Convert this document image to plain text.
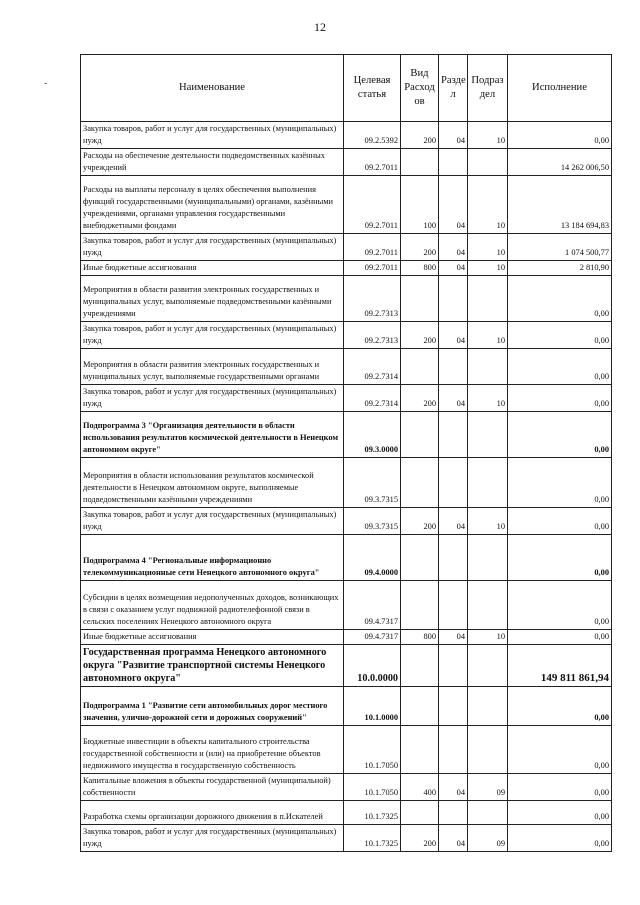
12
-	Наименование	Целевая статья	Вид Расход ов	Разде л	Подраз дел	Исполнение
Закупка товаров, работ и услуг для государственных (муниципальных) нужд	09.2.5392	200	04	10	0,00
Расходы на обеспечение деятельности подведомственных казённых учреждений	09.2.7011				14 262 006,50
Расходы на выплаты персоналу в целях обеспечения выполнения функций государственными (муниципальными) органами, казёнными учреждениями, органами управления государственными внебюджетными фондами	09.2.7011	100	04	10	13 184 694,83
Закупка товаров, работ и услуг для государственных (муниципальных) нужд	09.2.7011	200	04	10	1 074 500,77
Иные бюджетные ассигнования	09.2.7011	800	04	10	2 810,90
Мероприятия в области развития электронных государственных и муниципальных услуг, выполняемые подведомственными казёнными учреждениями	09.2.7313				0,00
Закупка товаров, работ и услуг для государственных (муниципальных) нужд	09.2.7313	200	04	10	0,00
Мероприятия в области развития электронных государственных и муниципальных услуг, выполняемые государственными органами	09.2.7314				0,00
Закупка товаров, работ и услуг для государственных (муниципальных) нужд	09.2.7314	200	04	10	0,00
Подпрограмма 3 "Организация деятельности в области использования результатов космической деятельности в Ненецком автономном округе"	09.3.0000				0,00
Мероприятия в области использования результатов космической деятельности в Ненецком автономном округе, выполняемые подведомственными казёнными учреждениями	09.3.7315				0,00
Закупка товаров, работ и услуг для государственных (муниципальных) нужд	09.3.7315	200	04	10	0,00
Подпрограмма 4 "Региональные информационно телекоммуникационные сети Ненецкого автономного округа"	09.4.0000				0,00
Субсидии в целях возмещения недополученных доходов, возникающих в связи с оказанием услуг подвижной радиотелефонной связи в сельских поселениях Ненецкого автономного округа	09.4.7317				0,00
Иные бюджетные ассигнования	09.4.7317	800	04	10	0,00
Государственная программа Ненецкого автономного округа "Развитие транспортной системы Ненецкого автономного округа"	10.0.0000				149 811 861,94
Подпрограмма 1 "Развитие сети автомобильных дорог местного значения, улично-дорожной сети и дорожных сооружений"	10.1.0000				0,00
Бюджетные инвестиции в объекты капитального строительства государственной собственности и (или) на приобретение объектов недвижимого имущества в государственную собственность	10.1.7050				0,00
Капитальные вложения в объекты государственной (муниципальной) собственности	10.1.7050	400	04	09	0,00
Разработка схемы организации дорожного движения в п.Искателей	10.1.7325				0,00
Закупка товаров, работ и услуг для государственных (муниципальных) нужд	10.1.7325	200	04	09	0,00
